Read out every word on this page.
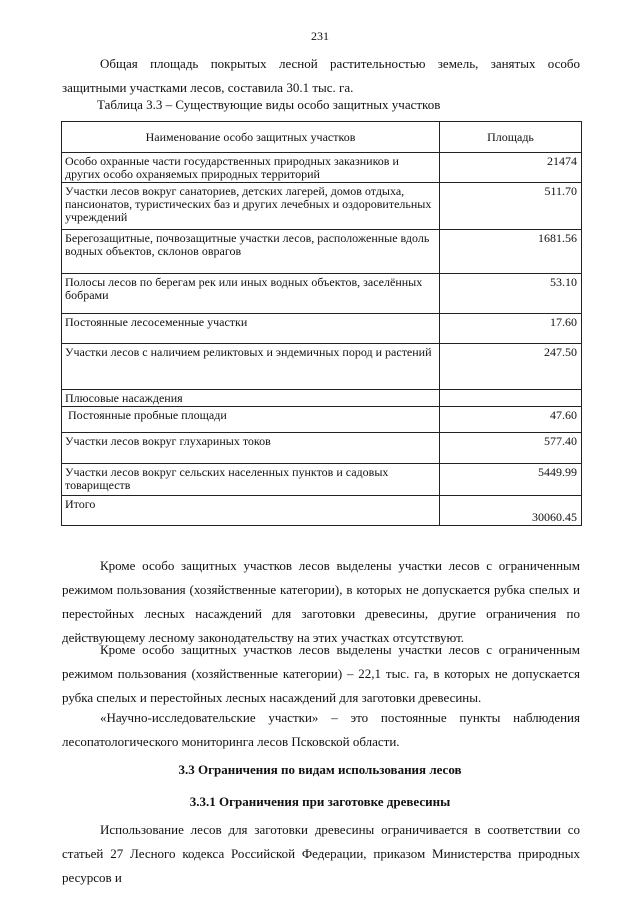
231

Общая площадь покрытых лесной растительностью земель, занятых особо защитными участками лесов, составила 30.1 тыс. га.

Таблица 3.3 – Существующие виды особо защитных участков

Наименование особо защитных участков	Площадь
Особо охранные части государственных природных заказников и других особо охраняемых природных территорий	21474
Участки лесов вокруг санаториев, детских лагерей, домов отдыха, пансионатов, туристических баз и других лечебных и оздоровительных учреждений	511.70
Берегозащитные, почвозащитные участки лесов, расположенные вдоль водных объектов, склонов оврагов	1681.56
Полосы лесов по берегам рек или иных водных объектов, заселённых бобрами	53.10
Постоянные лесосеменные участки	17.60
Участки лесов с наличием реликтовых и эндемичных пород и растений	247.50
Плюсовые насаждения	
Постоянные пробные площади	47.60
Участки лесов вокруг глухариных токов	577.40
Участки лесов вокруг сельских населенных пунктов и садовых товариществ	5449.99
Итого	30060.45

Кроме особо защитных участков лесов выделены участки лесов с ограниченным режимом пользования (хозяйственные категории), в которых не допускается рубка спелых и перестойных лесных насаждений для заготовки древесины, другие ограничения по действующему лесному законодательству на этих участках отсутствуют.

Кроме особо защитных участков лесов выделены участки лесов с ограниченным режимом пользования (хозяйственные категории) – 22,1 тыс. га, в которых не допускается рубка спелых и перестойных лесных насаждений для заготовки древесины.

«Научно-исследовательские участки» – это постоянные пункты наблюдения лесопатологического мониторинга лесов Псковской области.

3.3 Ограничения по видам использования лесов

3.3.1 Ограничения при заготовке древесины

Использование лесов для заготовки древесины ограничивается в соответствии со статьей 27 Лесного кодекса Российской Федерации, приказом Министерства природных ресурсов и
